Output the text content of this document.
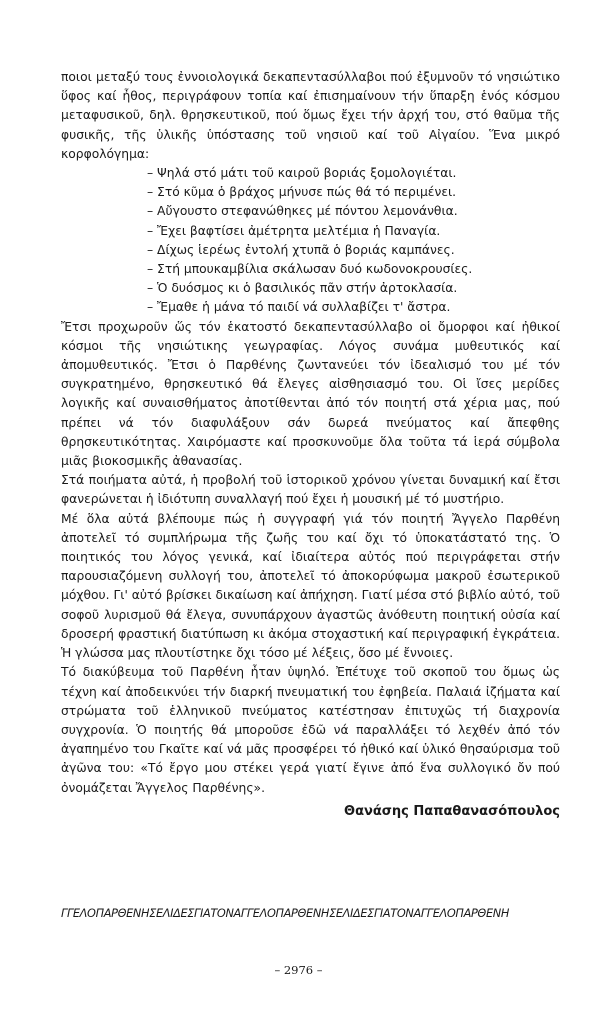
ποιοι μεταξύ τους ἐννοιολογικά δεκαπεντασύλλαβοι πού ἐξυμνοῦν τό νησιώτικο ὕφος καί ἦθος, περιγράφουν τοπία καί ἐπισημαίνουν τήν ὕπαρξη ἑνός κόσμου μεταφυσικοῦ, δηλ. θρησκευτικοῦ, πού ὅμως ἔχει τήν ἀρχή του, στό θαῦμα τῆς φυσικῆς, τῆς ὑλικῆς ὑπόστασης τοῦ νησιοῦ καί τοῦ Αἰγαίου. Ἕνα μικρό κορφολόγημα:

– Ψηλά στό μάτι τοῦ καιροῦ βοριάς ξομολογιέται.
– Στό κῦμα ὁ βράχος μήνυσε πώς θά τό περιμένει.
– Αὔγουστο στεφανώθηκες μέ πόντου λεμονάνθια.
– Ἔχει βαφτίσει ἀμέτρητα μελτέμια ἡ Παναγία.
– Δίχως ἱερέως ἐντολή χτυπᾶ ὁ βοριάς καμπάνες.
– Στή μπουκαμβίλια σκάλωσαν δυό κωδονοκρουσίες.
– Ὁ δυόσμος κι ὁ βασιλικός πᾶν στήν ἀρτοκλασία.
– Ἔμαθε ἡ μάνα τό παιδί νά συλλαβίζει τ' ἄστρα.

Ἔτσι προχωροῦν ὥς τόν ἑκατοστό δεκαπεντασύλλαβο οἱ ὄμορφοι καί ἠθικοί κόσμοι τῆς νησιώτικης γεωγραφίας. Λόγος συνάμα μυθευτικός καί ἀπομυθευτικός. Ἔτσι ὁ Παρθένης ζωντανεύει τόν ἰδεαλισμό του μέ τόν συγκρατημένο, θρησκευτικό θά ἔλεγες αἰσθησιασμό του. Οἱ ἴσες μερίδες λογικῆς καί συναισθήματος ἀποτίθενται ἀπό τόν ποιητή στά χέρια μας, πού πρέπει νά τόν διαφυλάξουν σάν δωρεά πνεύματος καί ἄπεφθης θρησκευτικότητας. Χαιρόμαστε καί προσκυνοῦμε ὅλα τοῦτα τά ἱερά σύμβολα μιᾶς βιοκοσμικῆς ἀθανασίας.

Στά ποιήματα αὐτά, ἡ προβολή τοῦ ἱστορικοῦ χρόνου γίνεται δυναμική καί ἔτσι φανερώνεται ἡ ἰδιότυπη συναλλαγή πού ἔχει ἡ μουσική μέ τό μυστήριο.

Μέ ὅλα αὐτά βλέπουμε πώς ἡ συγγραφή γιά τόν ποιητή Ἄγγελο Παρθένη ἀποτελεῖ τό συμπλήρωμα τῆς ζωῆς του καί ὄχι τό ὑποκατάστατό της. Ὁ ποιητικός του λόγος γενικά, καί ἰδιαίτερα αὐτός πού περιγράφεται στήν παρουσιαζόμενη συλλογή του, ἀποτελεῖ τό ἀποκορύφωμα μακροῦ ἐσωτερικοῦ μόχθου. Γι' αὐτό βρίσκει δικαίωση καί ἀπήχηση. Γιατί μέσα στό βιβλίο αὐτό, τοῦ σοφοῦ λυρισμοῦ θά ἔλεγα, συνυπάρχουν ἀγαστῶς ἀνόθευτη ποιητική οὐσία καί δροσερή φραστική διατύπωση κι ἀκόμα στοχαστική καί περιγραφική ἐγκράτεια. Ἡ γλώσσα μας πλουτίστηκε ὄχι τόσο μέ λέξεις, ὅσο μέ ἔννοιες.

Τό διακύβευμα τοῦ Παρθένη ἦταν ὑψηλό. Ἐπέτυχε τοῦ σκοποῦ του ὅμως ὡς τέχνη καί ἀποδεικνύει τήν διαρκή πνευματική του ἐφηβεία. Παλαιά ἰζήματα καί στρώματα τοῦ ἑλληνικοῦ πνεύματος κατέστησαν ἐπιτυχῶς τή διαχρονία συγχρονία. Ὁ ποιητής θά μποροῦσε ἐδῶ νά παραλλάξει τό λεχθέν ἀπό τόν ἀγαπημένο του Γκαῖτε καί νά μᾶς προσφέρει τό ἠθικό καί ὑλικό θησαύρισμα τοῦ ἀγῶνα του: «Τό ἔργο μου στέκει γερά γιατί ἔγινε ἀπό ἕνα συλλογικό ὄν πού ὀνομάζεται Ἄγγελος Παρθένης».

Θανάσης Παπαθανασόπουλος
ΓΓΕΛΟΠΑΡΘΕΝΗΣΕΛΙΔΕΣΓΙΑΤΟΝΑΓΓΕΛΟΠΑΡΘΕΝΗΣΕΛΙΔΕΣΓΙΑΤΟΝΑΓΓΕΛΟΠΑΡΘΕΝΗ
– 2976 –
